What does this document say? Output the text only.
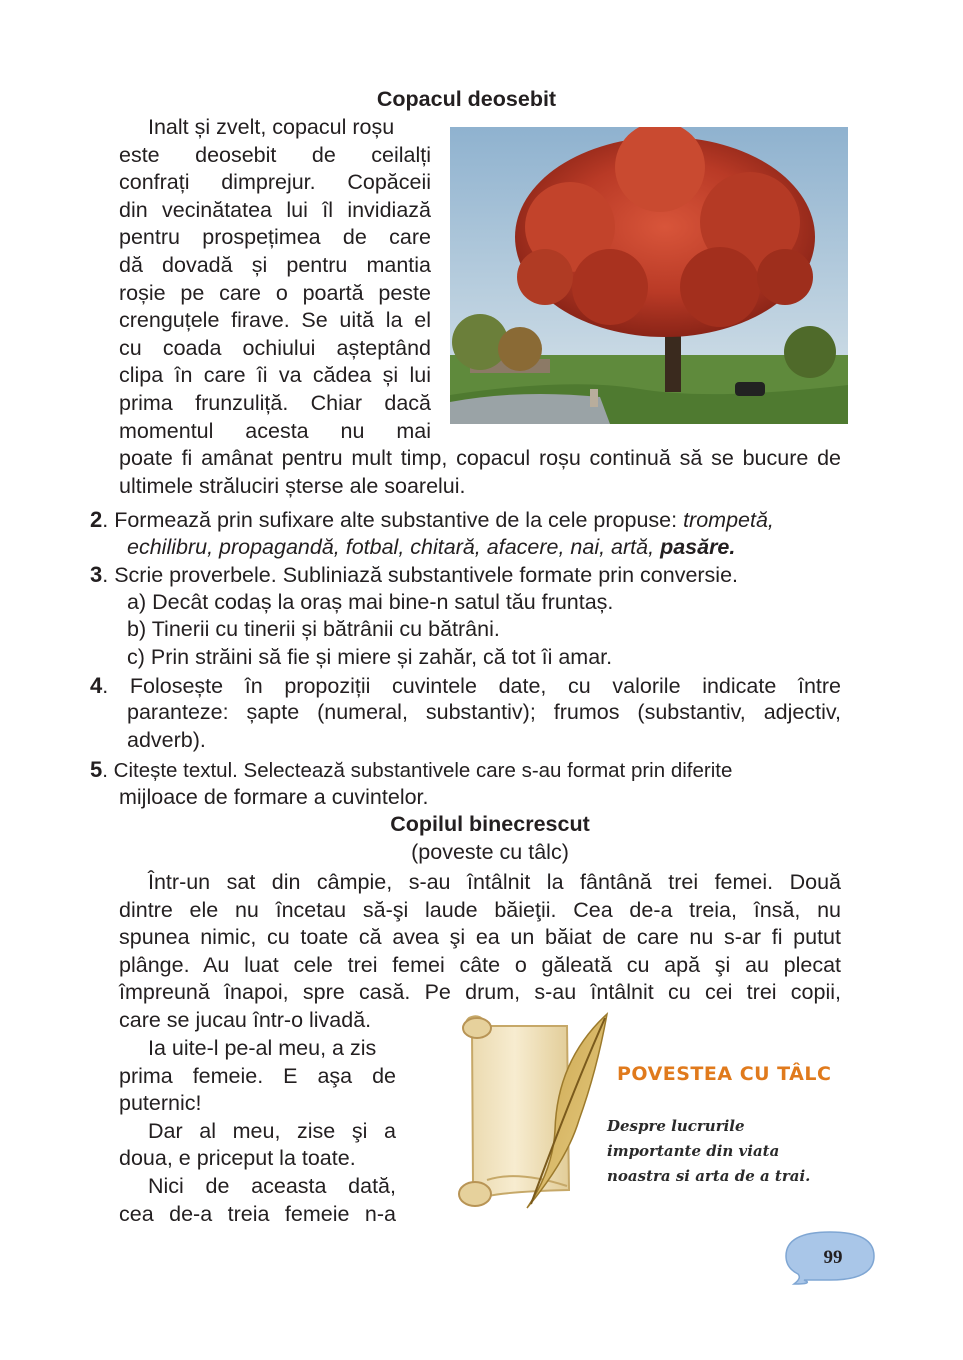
Copacul deosebit
Inalt și zvelt, copacul roșu
este deosebit de ceilalți
confrați dimprejur. Copăceii
din vecinătatea lui îl invidiază
pentru prospețimea de care
dă dovadă și pentru mantia
roșie pe care o poartă peste
crenguțele firave. Se uită la el
cu coada ochiului așteptând
clipa în care îi va cădea și lui
prima frunzuliță. Chiar dacă
momentul acesta nu mai
poate fi amânat pentru mult timp, copacul roșu continuă să se bucure de ultimele străluciri șterse ale soarelui.
2. Formează prin sufixare alte substantive de la cele propuse: trompetă,
echilibru, propagandă, fotbal, chitară, afacere, nai, artă, pasăre.
3. Scrie proverbele. Subliniază substantivele formate prin conversie.
a) Decât codaș la oraș mai bine-n satul tău fruntaș.
b) Tinerii cu tinerii și bătrânii cu bătrâni.
c) Prin străini să fie și miere și zahăr, că tot îi amar.
4. Folosește în propoziții cuvintele date, cu valorile indicate între
paranteze: șapte (numeral, substantiv); frumos (substantiv, adjectiv,
adverb).
5. Citește textul. Selectează substantivele care s-au format prin diferite
mijloace de formare a cuvintelor.
Copilul binecrescut
(poveste cu tâlc)
Într-un sat din câmpie, s-au întâlnit la fântână trei femei. Două
dintre ele nu încetau să-şi laude băieţii. Cea de-a treia, însă, nu
spunea nimic, cu toate că avea şi ea un băiat de care nu s-ar fi putut
plânge. Au luat cele trei femei câte o găleată cu apă şi au plecat
împreună înapoi, spre casă. Pe drum, s-au întâlnit cu cei trei copii,
care se jucau într-o livadă.
Ia uite-l pe-al meu, a zis
prima femeie. E aşa de
puternic!
Dar al meu, zise şi a
doua, e priceput la toate.
Nici de aceasta dată,
cea de-a treia femeie n-a
POVESTEA CU TÂLC
Despre lucrurile
importante din viata
noastra si arta de a trai.
99
